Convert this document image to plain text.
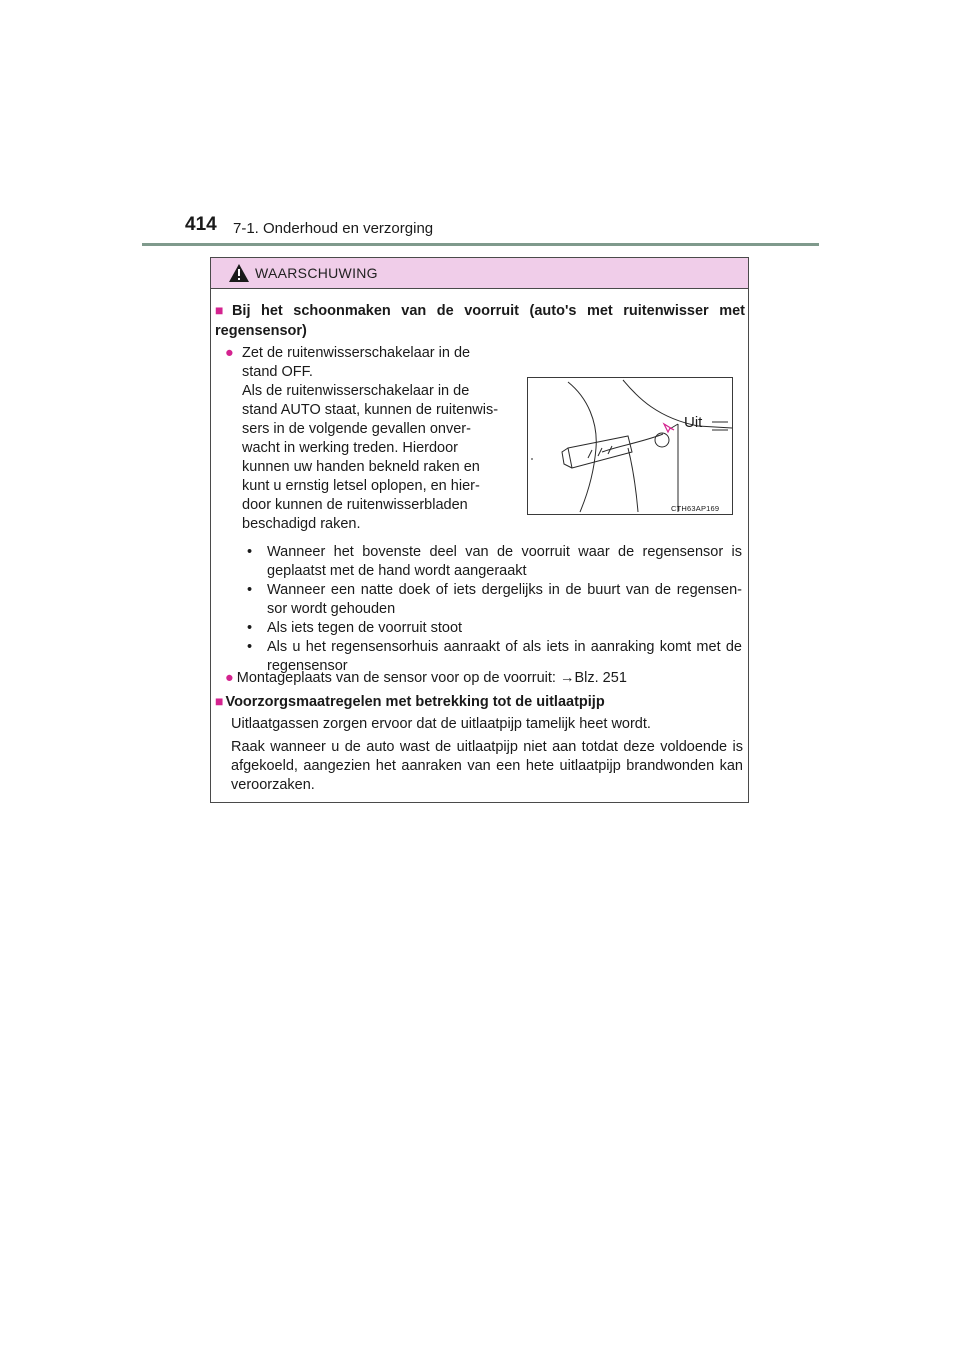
414 7-1. Onderhoud en verzorging
WAARSCHUWING
■ Bij het schoonmaken van de voorruit (auto's met ruitenwisser met regensensor)
● Zet de ruitenwisserschakelaar in de
stand OFF.
Als de ruitenwisserschakelaar in de
stand AUTO staat, kunnen de ruitenwis-
sers in de volgende gevallen onver-
wacht in werking treden. Hierdoor
kunnen uw handen bekneld raken en
kunt u ernstig letsel oplopen, en hier-
door kunnen de ruitenwisserbladen
beschadigd raken.
Uit
CTH63AP169
• Wanneer het bovenste deel van de voorruit waar de regensensor is geplaatst met de hand wordt aangeraakt
• Wanneer een natte doek of iets dergelijks in de buurt van de regensen-sor wordt gehouden
• Als iets tegen de voorruit stoot
• Als u het regensensorhuis aanraakt of als iets in aanraking komt met de regensensor
● Montageplaats van de sensor voor op de voorruit: →Blz. 251
■ Voorzorgsmaatregelen met betrekking tot de uitlaatpijp
Uitlaatgassen zorgen ervoor dat de uitlaatpijp tamelijk heet wordt.
Raak wanneer u de auto wast de uitlaatpijp niet aan totdat deze voldoende is afgekoeld, aangezien het aanraken van een hete uitlaatpijp brandwonden kan veroorzaken.
